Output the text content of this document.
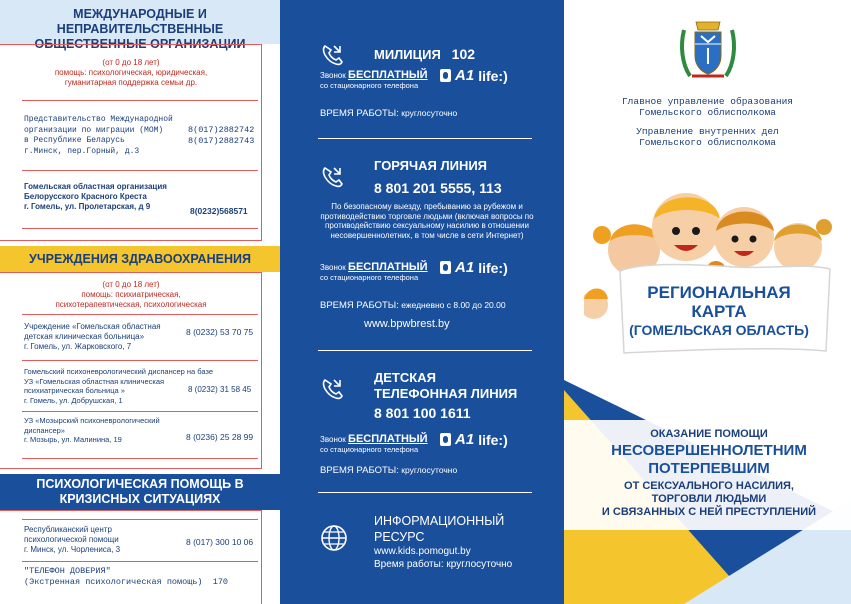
МЕЖДУНАРОДНЫЕ И НЕПРАВИТЕЛЬСТВЕННЫЕ ОБЩЕСТВЕННЫЕ ОРГАНИЗАЦИИ
(от 0 до 18 лет)
помощь: психологическая, юридическая, гуманитарная поддержка семьи др.
Представительство Международной
организации по миграции (МОМ)
в Республике Беларусь
г.Минск, пер.Горный, д.3
8(017)2882742
8(017)2882743
Гомельская областная организация
Белорусского Красного Креста
г. Гомель, ул. Пролетарская, д 9	8(0232)568571
УЧРЕЖДЕНИЯ ЗДРАВООХРАНЕНИЯ
(от 0 до 18 лет)
помощь: психиатрическая, психотерапевтическая, психологическая
Учреждение «Гомельская областная
детская клиническая больница»
г. Гомель, ул. Жарковского, 7
8 (0232) 53 70 75
Гомельский психоневрологический диспансер на базе
УЗ «Гомельская областная клиническая
психиатрическая больница »
г. Гомель, ул. Добрушская, 1
8 (0232) 31 58 45
УЗ «Мозырский психоневрологический
диспансер»
г. Мозырь, ул. Малинина, 19	8 (0236) 25 28 99
ПСИХОЛОГИЧЕСКАЯ ПОМОЩЬ В КРИЗИСНЫХ СИТУАЦИЯХ
Республиканский центр
психологической помощи
г. Минск, ул. Чорлениса, 3
8 (017) 300 10 06
"ТЕЛЕФОН ДОВЕРИЯ"
(Экстренная психологическая помощь) 170
МИЛИЦИЯ 102
Звонок БЕСПЛАТНЫЙ
со стационарного телефона
A1 life:)
ВРЕМЯ РАБОТЫ: круглосуточно
ГОРЯЧАЯ ЛИНИЯ
8 801 201 5555, 113
По безопасному выезду, пребыванию за рубежом и противодействию торговле людьми (включая вопросы по противодействию сексуальному насилию в отношении несовершеннолетних, в том числе в сети Интернет)
Звонок БЕСПЛАТНЫЙ
со стационарного телефона
A1 life:)
ВРЕМЯ РАБОТЫ: ежедневно с 8.00 до 20.00
www.bpwbrest.by
ДЕТСКАЯ
ТЕЛЕФОННАЯ ЛИНИЯ
8 801 100 1611
Звонок БЕСПЛАТНЫЙ
со стационарного телефона
A1 life:)
ВРЕМЯ РАБОТЫ: круглосуточно
ИНФОРМАЦИОННЫЙ
РЕСУРС
www.kids.pomogut.by
Время работы: круглосуточно
Главное управление образования
Гомельского облисполкома
Управление внутренних дел
Гомельского облисполкома
РЕГИОНАЛЬНАЯ
КАРТА
(ГОМЕЛЬСКАЯ ОБЛАСТЬ)
ОКАЗАНИЕ ПОМОЩИ
НЕСОВЕРШЕННОЛЕТНИМ
ПОТЕРПЕВШИМ
ОТ СЕКСУАЛЬНОГО НАСИЛИЯ,
ТОРГОВЛИ ЛЮДЬМИ
И СВЯЗАННЫХ С НЕЙ ПРЕСТУПЛЕНИЙ
